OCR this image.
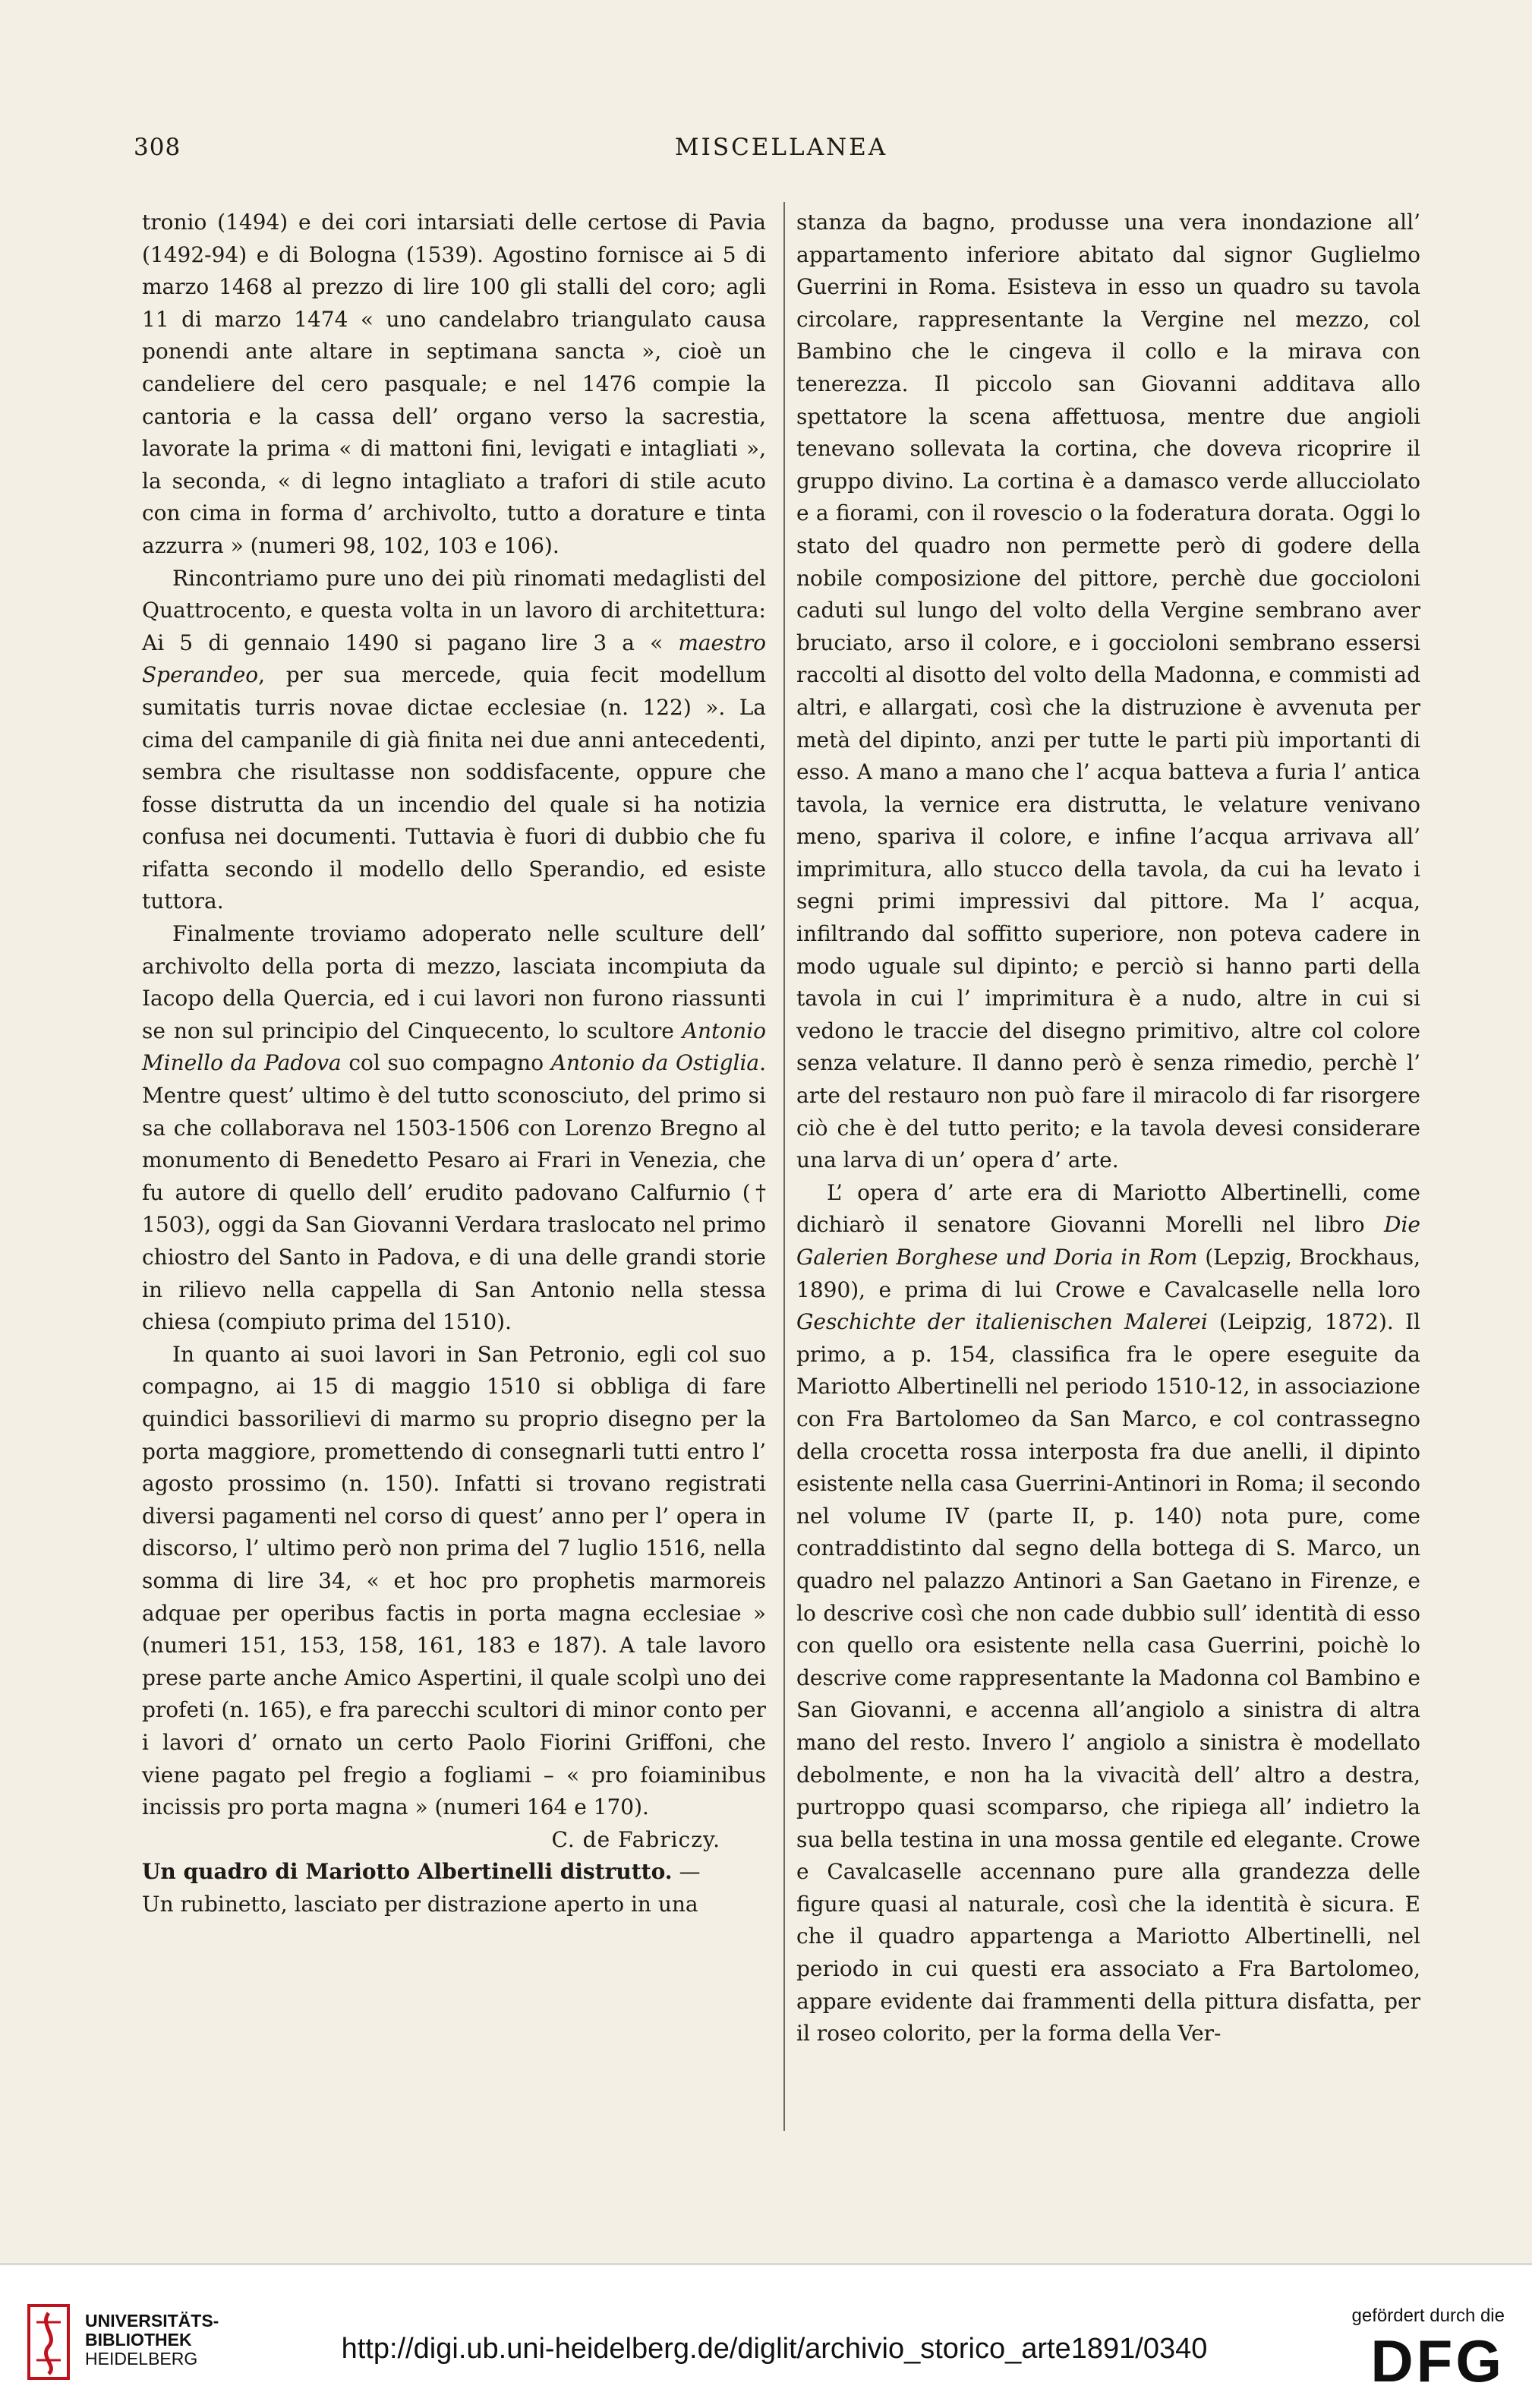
308	MISCELLANEA

tronio (1494) e dei cori intarsiati delle certose di Pavia (1492-94) e di Bologna (1539). Agostino fornisce ai 5 di marzo 1468 al prezzo di lire 100 gli stalli del coro; agli 11 di marzo 1474 « uno candelabro triangulato causa ponendi ante altare in septimana sancta », cioè un candeliere del cero pasquale; e nel 1476 compie la cantoria e la cassa dell’ organo verso la sacrestia, lavorate la prima « di mattoni fini, levigati e intagliati », la seconda, « di legno intagliato a trafori di stile acuto con cima in forma d’ archivolto, tutto a dorature e tinta azzurra » (numeri 98, 102, 103 e 106).

Rincontriamo pure uno dei più rinomati medaglisti del Quattrocento, e questa volta in un lavoro di architettura: Ai 5 di gennaio 1490 si pagano lire 3 a « maestro Sperandeo, per sua mercede, quia fecit modellum sumitatis turris novae dictae ecclesiae (n. 122) ». La cima del campanile di già finita nei due anni antecedenti, sembra che risultasse non soddisfacente, oppure che fosse distrutta da un incendio del quale si ha notizia confusa nei documenti. Tuttavia è fuori di dubbio che fu rifatta secondo il modello dello Sperandio, ed esiste tuttora.

Finalmente troviamo adoperato nelle sculture dell’ archivolto della porta di mezzo, lasciata incompiuta da Iacopo della Quercia, ed i cui lavori non furono riassunti se non sul principio del Cinquecento, lo scultore Antonio Minello da Padova col suo compagno Antonio da Ostiglia. Mentre quest’ ultimo è del tutto sconosciuto, del primo si sa che collaborava nel 1503-1506 con Lorenzo Bregno al monumento di Benedetto Pesaro ai Frari in Venezia, che fu autore di quello dell’ erudito padovano Calfurnio († 1503), oggi da San Giovanni Verdara traslocato nel primo chiostro del Santo in Padova, e di una delle grandi storie in rilievo nella cappella di San Antonio nella stessa chiesa (compiuto prima del 1510).

In quanto ai suoi lavori in San Petronio, egli col suo compagno, ai 15 di maggio 1510 si obbliga di fare quindici bassorilievi di marmo su proprio disegno per la porta maggiore, promettendo di consegnarli tutti entro l’ agosto prossimo (n. 150). Infatti si trovano registrati diversi pagamenti nel corso di quest’ anno per l’ opera in discorso, l’ ultimo però non prima del 7 luglio 1516, nella somma di lire 34, « et hoc pro prophetis marmoreis adquae per operibus factis in porta magna ecclesiae » (numeri 151, 153, 158, 161, 183 e 187). A tale lavoro prese parte anche Amico Aspertini, il quale scolpì uno dei profeti (n. 165), e fra parecchi scultori di minor conto per i lavori d’ ornato un certo Paolo Fiorini Griffoni, che viene pagato pel fregio a fogliami – « pro foiaminibus incissis pro porta magna » (numeri 164 e 170).

C. de Fabriczy.

Un quadro di Mariotto Albertinelli distrutto. —
Un rubinetto, lasciato per distrazione aperto in una

stanza da bagno, produsse una vera inondazione all’ appartamento inferiore abitato dal signor Guglielmo Guerrini in Roma. Esisteva in esso un quadro su tavola circolare, rappresentante la Vergine nel mezzo, col Bambino che le cingeva il collo e la mirava con tenerezza. Il piccolo san Giovanni additava allo spettatore la scena affettuosa, mentre due angioli tenevano sollevata la cortina, che doveva ricoprire il gruppo divino. La cortina è a damasco verde allucciolato e a fiorami, con il rovescio o la foderatura dorata. Oggi lo stato del quadro non permette però di godere della nobile composizione del pittore, perchè due goccioloni caduti sul lungo del volto della Vergine sembrano aver bruciato, arso il colore, e i goccioloni sembrano essersi raccolti al disotto del volto della Madonna, e commisti ad altri, e allargati, così che la distruzione è avvenuta per metà del dipinto, anzi per tutte le parti più importanti di esso. A mano a mano che l’ acqua batteva a furia l’ antica tavola, la vernice era distrutta, le velature venivano meno, spariva il colore, e infine l’acqua arrivava all’ imprimitura, allo stucco della tavola, da cui ha levato i segni primi impressivi dal pittore. Ma l’ acqua, infiltrando dal soffitto superiore, non poteva cadere in modo uguale sul dipinto; e perciò si hanno parti della tavola in cui l’ imprimitura è a nudo, altre in cui si vedono le traccie del disegno primitivo, altre col colore senza velature. Il danno però è senza rimedio, perchè l’ arte del restauro non può fare il miracolo di far risorgere ciò che è del tutto perito; e la tavola devesi considerare una larva di un’ opera d’ arte.

L’ opera d’ arte era di Mariotto Albertinelli, come dichiarò il senatore Giovanni Morelli nel libro Die Galerien Borghese und Doria in Rom (Lepzig, Brockhaus, 1890), e prima di lui Crowe e Cavalcaselle nella loro Geschichte der italienischen Malerei (Leipzig, 1872). Il primo, a p. 154, classifica fra le opere eseguite da Mariotto Albertinelli nel periodo 1510-12, in associazione con Fra Bartolomeo da San Marco, e col contrassegno della crocetta rossa interposta fra due anelli, il dipinto esistente nella casa Guerrini-Antinori in Roma; il secondo nel volume IV (parte II, p. 140) nota pure, come contraddistinto dal segno della bottega di S. Marco, un quadro nel palazzo Antinori a San Gaetano in Firenze, e lo descrive così che non cade dubbio sull’ identità di esso con quello ora esistente nella casa Guerrini, poichè lo descrive come rappresentante la Madonna col Bambino e San Giovanni, e accenna all’angiolo a sinistra di altra mano del resto. Invero l’ angiolo a sinistra è modellato debolmente, e non ha la vivacità dell’ altro a destra, purtroppo quasi scomparso, che ripiega all’ indietro la sua bella testina in una mossa gentile ed elegante. Crowe e Cavalcaselle accennano pure alla grandezza delle figure quasi al naturale, così che la identità è sicura. E che il quadro appartenga a Mariotto Albertinelli, nel periodo in cui questi era associato a Fra Bartolomeo, appare evidente dai frammenti della pittura disfatta, per il roseo colorito, per la forma della Ver-

UNIVERSITÄTS-
BIBLIOTHEK
HEIDELBERG	http://digi.ub.uni-heidelberg.de/diglit/archivio_storico_arte1891/0340
gefördert durch die
DFG
